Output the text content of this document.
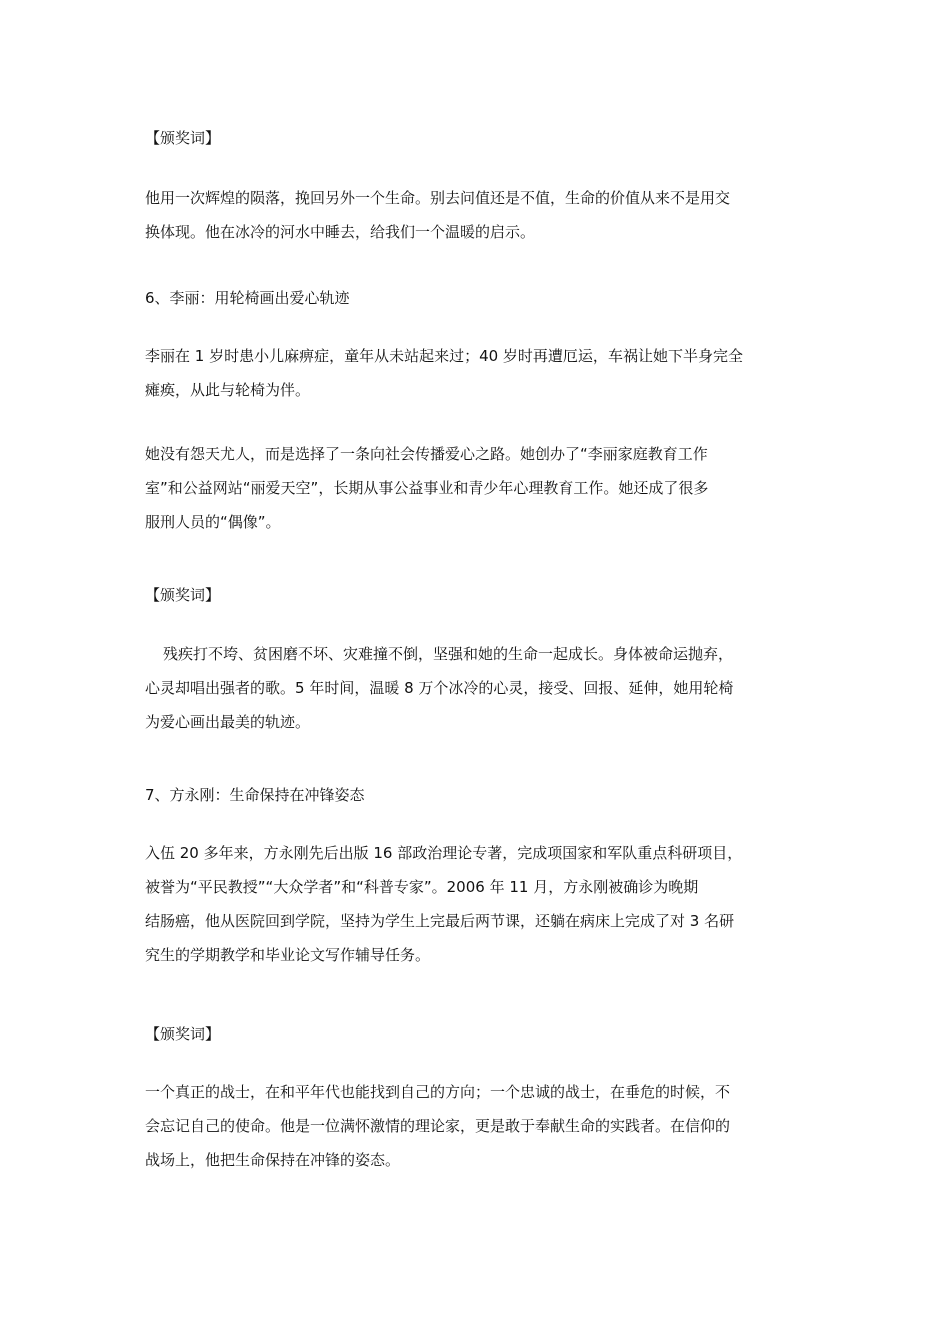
【颁奖词】

他用一次辉煌的陨落，挽回另外一个生命。别去问值还是不值，生命的价值从来不是用交
换体现。他在冰冷的河水中睡去，给我们一个温暖的启示。

6、李丽：用轮椅画出爱心轨迹

李丽在 1 岁时患小儿麻痹症，童年从未站起来过；40 岁时再遭厄运，车祸让她下半身完全
瘫痪，从此与轮椅为伴。

她没有怨天尤人，而是选择了一条向社会传播爱心之路。她创办了“李丽家庭教育工作
室”和公益网站“丽爱天空”，长期从事公益事业和青少年心理教育工作。她还成了很多
服刑人员的“偶像”。

【颁奖词】

残疾打不垮、贫困磨不坏、灾难撞不倒，坚强和她的生命一起成长。身体被命运抛弃，
心灵却唱出强者的歌。5 年时间，温暖 8 万个冰冷的心灵，接受、回报、延伸，她用轮椅
为爱心画出最美的轨迹。

7、方永刚：生命保持在冲锋姿态

入伍 20 多年来，方永刚先后出版 16 部政治理论专著，完成项国家和军队重点科研项目，
被誉为“平民教授”“大众学者”和“科普专家”。2006 年 11 月，方永刚被确诊为晚期
结肠癌，他从医院回到学院，坚持为学生上完最后两节课，还躺在病床上完成了对 3 名研
究生的学期教学和毕业论文写作辅导任务。

【颁奖词】

一个真正的战士，在和平年代也能找到自己的方向；一个忠诚的战士，在垂危的时候，不
会忘记自己的使命。他是一位满怀激情的理论家，更是敢于奉献生命的实践者。在信仰的
战场上，他把生命保持在冲锋的姿态。
